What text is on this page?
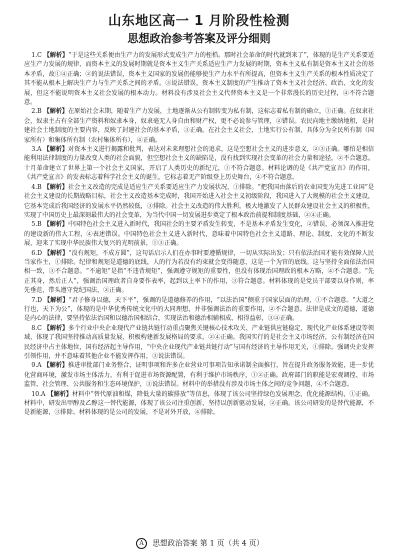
山东地区高一 1 月阶段性检测
思想政治参考答案及评分细则

1.C 【解析】“于是这些关系便由生产力的发展形式变成生产力的桎梏。那时社会革命的时代就到来了”，体现的是生产关系要适应生产力发展的规律，而资本主义的发展时期就是资本主义生产关系适应生产力发展的时期，资本主义私有制是资本主义社会的基本矛盾，故①④正确；②的说法错误，资本主义国家的发展仍能够使生产力水平有所提高，但资本主义生产关系的根本性质决定了其不能从根本上解决生产力与生产关系之间的矛盾。③说法错误，资本主义制度的产生推动了资本主义社会经济、政治、文化的发展，但这不能说明资本主义社会发展的根本动力。材料没有涉及社会主义代替资本主义是一个非常漫长的历史过程，④不符合题意。

2.B 【解析】在原始社会末期，随着生产力发展，土地逐渐从公有制转变为私有制，这标志着私有制的确立，①正确。在奴隶社会，奴隶主占有全部生产资料和奴隶本身，奴隶毫无人身自由和财产权，更不必说参与管理，②错误。农民向地主缴纳地租，是封建社会土地制度的主要内容，反映了封建社会的基本矛盾，③正确。在社会主义社会，土地实行公有制，具体分为全民所有制（国家所有）和集体所有制（农村集体所有），④正确。

3.A 【解析】对资本主义进行揭露和批判，表达对未来理想社会的追求，这是空想社会主义的进步意义，②③正确。哪怕是相信能利用法律制度的力量改变人类的社会面貌，但空想社会主义的缺陷是，没有找到实现社会变革的社会力量和途径，②不合题意。十月革命建立了世界上第一个社会主义国家，开启了人类历史的新纪元，①不符合题意。材料论调的是《共产党宣言》的作用，《共产党宣言》的发表标志着科学社会主义的诞生，它标志着无产阶级登上历史舞台，④不符合题意。

4.B 【解析】社会主义改造的完成是适应生产关系要适应生产力发展状况，①排除。“把我国由落后的农业国变为先进工业国”是社会主义建设的长期战略目标，社会主义改造基本完成时，我国开始进入社会主义初级阶段，我国进入了大规模的社会主义建设，它基本完成后我国经济的发展水平仍然较低，③排除。社会主义改造的伟大胜利，极大地激发了人民群众建设社会主义的积极性，实现了中国历史上最深刻最伟大的社会变革，为当代中国一切发展进步奠定了根本政治前提和制度基础，②④正确。

5.B 【解析】中国特色社会主义进入新时代，我国社会的主要矛盾发生转变，不是基本矛盾发生变化，②错误，必须深入推进党的建设新的伟大工程，④表述错误。中国特色社会主义进入新时代，意味着中国特色社会主义道路、理论、制度、文化的不断发展，迎来了实现中华民族伟大复兴的光明前景，①③正确。

6.D 【解析】“没有规矩，不成方圆”，这句话启示人们在办事时要遵循规律，一切从实际出发；只有依法治国才能有效保障人民当家作主，①排除。纪律和规矩是道德的底线，人的行为若没有约束就会变得随意，这是一个为官的底线。这与坚持全面依法治国相一致，③不合题意。“不逾矩”是指“不违背规矩”，强调遵守规矩的重要性，但没有体现治国理政的根本方略，④不合题意。“先正其身，然后正人”，强调治国理政者自身要作表率，起到以上率下的作用，③符合题意。材料体现的是党员干部要以身作则，率先垂范，带头遵守党纪国法，②正确。

7.D 【解析】“君子修身以德，天下平”，强调的是道德修养的作用，“以法治国”侧重于国家层面的治理，①不合题意。“大道之行也，天下为公”，体现的是中华优秀传统文化中的大同理想，并非强调法治的重要作用，②不合题意。法律是成文的道德，道德是内心的法律，要坚持依法治国和以德治国相结合，实现法治和德治相辅相成、相得益彰，③④正确。

8.C 【解析】多个行业中央企业现代产业链共链行动重点聚焦关键核心技术攻关、产业链供应链稳定、现代化产业体系建设等领域，体现了我国坚持推动高质量发展，积极构建新发展格局的要求，②④正确。我国实行的是社会主义市场经济，公有制经济在国民经济中占主体地位，国有经济起主导作用，“中央企业现代产业链共链行动”与国有经济的主导作用无关，①排除。强调央企发挥引领作用，并不意味着其他企业不能发挥作用，③说法错误。

9.A 【解析】推进审批部门业务整合，证明事项和许多企业营业可事项告知承诺制全面推行，旨在提升政务服务效能，进一步优化营商环境，激发市场主体活力，有利于促进市场资源配置，有利于维护市场秩序，①②正确。政府部门的职能是宏观调控、市场监管、社会管理、公共服务和生态环境保护，③说法错误。材料中的举措没有涉及市场主体之间的竞争问题，④不合题意。

10.A 【解析】材料中“替代原油和煤，降低大量的碳排放”等信息，体现了该公司坚持绿色发展理念，优化能源结构，①正确。材料中，研发出甲醇及乙醇这一替代能源，体现了该公司注重创新，坚持以创新驱动发展，②正确。该公司研发的是替代能源，不是新能源，③排除。材料体现的是公司的发展，不是对外开放，④排除。

A 思想政治答案 第 1 页（共 4 页）
